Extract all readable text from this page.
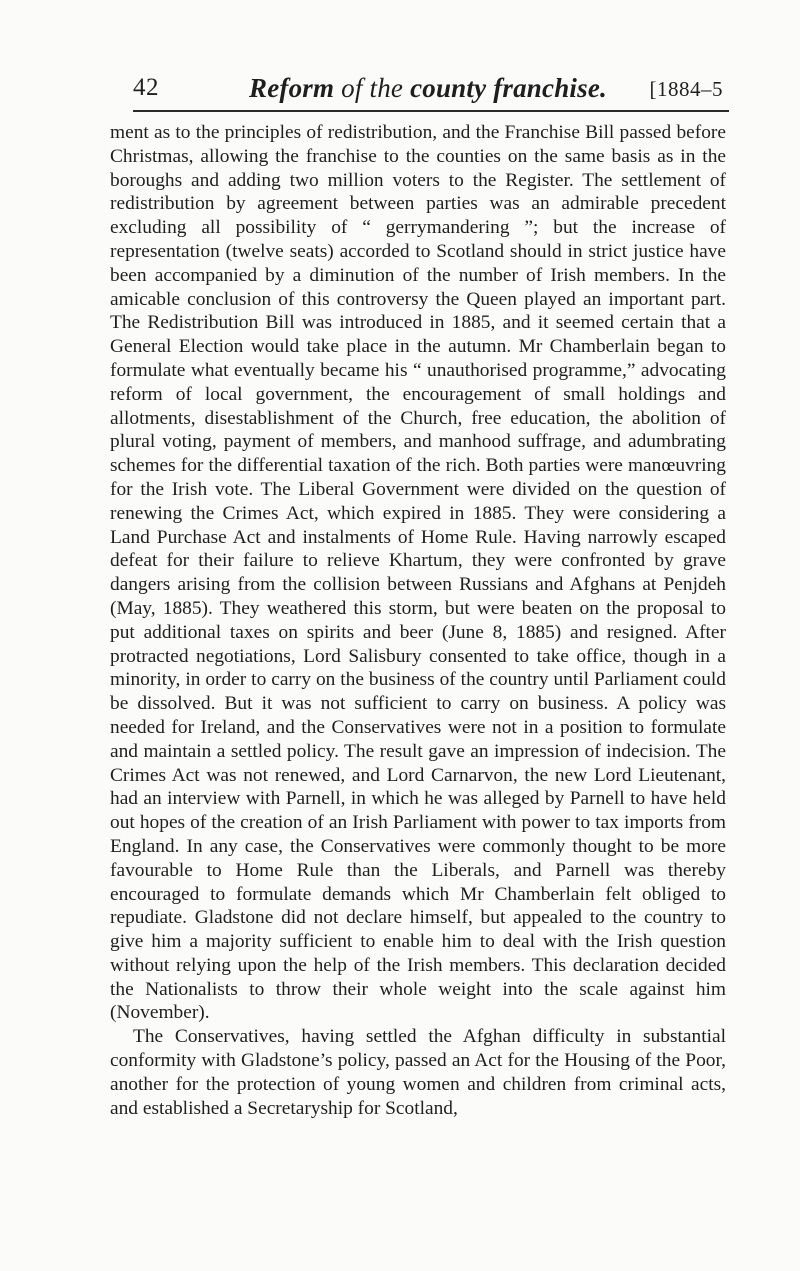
42	Reform of the county franchise.	[1884–5

ment as to the principles of redistribution, and the Franchise Bill passed before Christmas, allowing the franchise to the counties on the same basis as in the boroughs and adding two million voters to the Register. The settlement of redistribution by agreement between parties was an admirable precedent excluding all possibility of “ gerrymandering ”; but the increase of representation (twelve seats) accorded to Scotland should in strict justice have been accompanied by a diminution of the number of Irish members. In the amicable conclusion of this controversy the Queen played an important part. The Redistribution Bill was introduced in 1885, and it seemed certain that a General Election would take place in the autumn. Mr Chamberlain began to formulate what eventually became his “ unauthorised programme,” advocating reform of local government, the encouragement of small holdings and allotments, disestablishment of the Church, free education, the abolition of plural voting, payment of members, and manhood suffrage, and adumbrating schemes for the differential taxation of the rich. Both parties were manœuvring for the Irish vote. The Liberal Government were divided on the question of renewing the Crimes Act, which expired in 1885. They were considering a Land Purchase Act and instalments of Home Rule. Having narrowly escaped defeat for their failure to relieve Khartum, they were confronted by grave dangers arising from the collision between Russians and Afghans at Penjdeh (May, 1885). They weathered this storm, but were beaten on the proposal to put additional taxes on spirits and beer (June 8, 1885) and resigned. After protracted negotiations, Lord Salisbury consented to take office, though in a minority, in order to carry on the business of the country until Parliament could be dissolved. But it was not sufficient to carry on business. A policy was needed for Ireland, and the Conservatives were not in a position to formulate and maintain a settled policy. The result gave an impression of indecision. The Crimes Act was not renewed, and Lord Carnarvon, the new Lord Lieutenant, had an interview with Parnell, in which he was alleged by Parnell to have held out hopes of the creation of an Irish Parliament with power to tax imports from England. In any case, the Conservatives were commonly thought to be more favourable to Home Rule than the Liberals, and Parnell was thereby encouraged to formulate demands which Mr Chamberlain felt obliged to repudiate. Gladstone did not declare himself, but appealed to the country to give him a majority sufficient to enable him to deal with the Irish question without relying upon the help of the Irish members. This declaration decided the Nationalists to throw their whole weight into the scale against him (November).

The Conservatives, having settled the Afghan difficulty in substantial conformity with Gladstone’s policy, passed an Act for the Housing of the Poor, another for the protection of young women and children from criminal acts, and established a Secretaryship for Scotland,
